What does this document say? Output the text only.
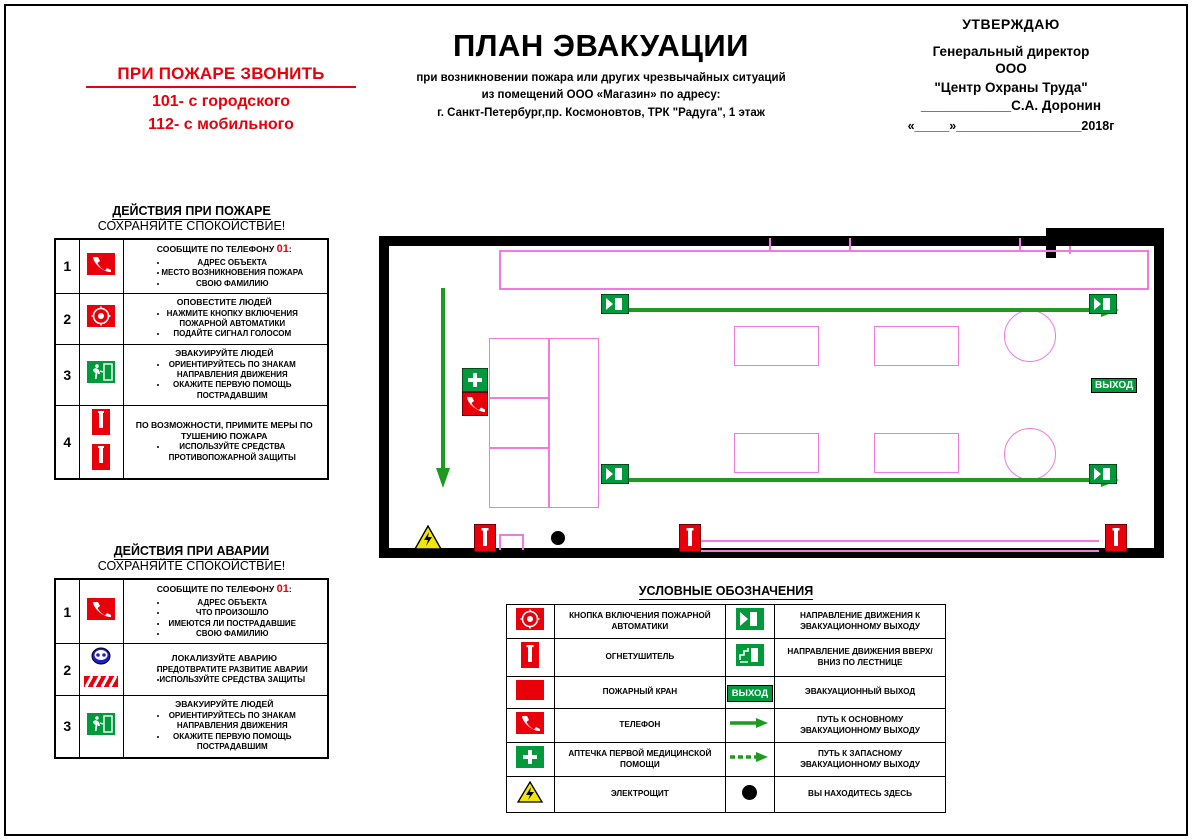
ПРИ ПОЖАРЕ ЗВОНИТЬ
101- с городского
112- с мобильного
ПЛАН ЭВАКУАЦИИ
при возникновении пожара или других чрезвычайных ситуаций
из помещений ООО «Магазин» по адресу:
г. Санкт-Петербург,пр. Космоновтов, ТРК "Радуга", 1 этаж
УТВЕРЖДАЮ
Генеральный директор
ООО
"Центр Охраны Труда"
____________С.А. Доронин
«_____»__________________2018г
ДЕЙСТВИЯ ПРИ ПОЖАРЕ
СОХРАНЯЙТЕ СПОКОЙСТВИЕ!
1	

СООБЩИТЕ ПО ТЕЛЕФОНУ 01:
• АДРЕС ОБЪЕКТА
• МЕСТО ВОЗНИКНОВЕНИЯ ПОЖАРА
• СВОЮ ФАМИЛИЮ

2	

ОПОВЕСТИТЕ ЛЮДЕЙ
• НАЖМИТЕ КНОПКУ ВКЛЮЧЕНИЯ ПОЖАРНОЙ АВТОМАТИКИ
• ПОДАЙТЕ СИГНАЛ ГОЛОСОМ

3	

ЭВАКУИРУЙТЕ ЛЮДЕЙ
• ОРИЕНТИРУЙТЕСЬ ПО ЗНАКАМ НАПРАВЛЕНИЯ ДВИЖЕНИЯ
• ОКАЖИТЕ ПЕРВУЮ ПОМОЩЬ ПОСТРАДАВШИМ

4	

ПО ВОЗМОЖНОСТИ, ПРИМИТЕ МЕРЫ ПО ТУШЕНИЮ ПОЖАРА
• ИСПОЛЬЗУЙТЕ СРЕДСТВА ПРОТИВОПОЖАРНОЙ ЗАЩИТЫ
ДЕЙСТВИЯ ПРИ АВАРИИ
СОХРАНЯЙТЕ СПОКОЙСТВИЕ!
1	

СООБЩИТЕ ПО ТЕЛЕФОНУ 01:
• АДРЕС ОБЪЕКТА
• ЧТО ПРОИЗОШЛО
• ИМЕЮТСЯ ЛИ ПОСТРАДАВШИЕ
• СВОЮ ФАМИЛИЮ

2		
ЛОКАЛИЗУЙТЕ АВАРИЮ
• ПРЕДОТВРАТИТЕ РАЗВИТИЕ АВАРИИ
• ИСПОЛЬЗУЙТЕ СРЕДСТВА ЗАЩИТЫ

3	

ЭВАКУИРУЙТЕ ЛЮДЕЙ
• ОРИЕНТИРУЙТЕСЬ ПО ЗНАКАМ НАПРАВЛЕНИЯ ДВИЖЕНИЯ
• ОКАЖИТЕ ПЕРВУЮ ПОМОЩЬ ПОСТРАДАВШИМ
ВЫХОД
УСЛОВНЫЕ ОБОЗНАЧЕНИЯ
	КНОПКА ВКЛЮЧЕНИЯ ПОЖАРНОЙ АВТОМАТИКИ		НАПРАВЛЕНИЕ ДВИЖЕНИЯ К ЭВАКУАЦИОННОМУ ВЫХОДУ

	ОГНЕТУШИТЕЛЬ		НАПРАВЛЕНИЕ ДВИЖЕНИЯ ВВЕРХ/ВНИЗ ПО ЛЕСТНИЦЕ
	ПОЖАРНЫЙ КРАН	ВЫХОД	ЭВАКУАЦИОННЫЙ ВЫХОД

	ТЕЛЕФОН		ПУТЬ К ОСНОВНОМУ ЭВАКУАЦИОННОМУ ВЫХОДУ

	АПТЕЧКА ПЕРВОЙ МЕДИЦИНСКОЙ ПОМОЩИ		ПУТЬ К ЗАПАСНОМУ ЭВАКУАЦИОННОМУ ВЫХОДУ
	ЭЛЕКТРОЩИТ		ВЫ НАХОДИТЕСЬ ЗДЕСЬ
